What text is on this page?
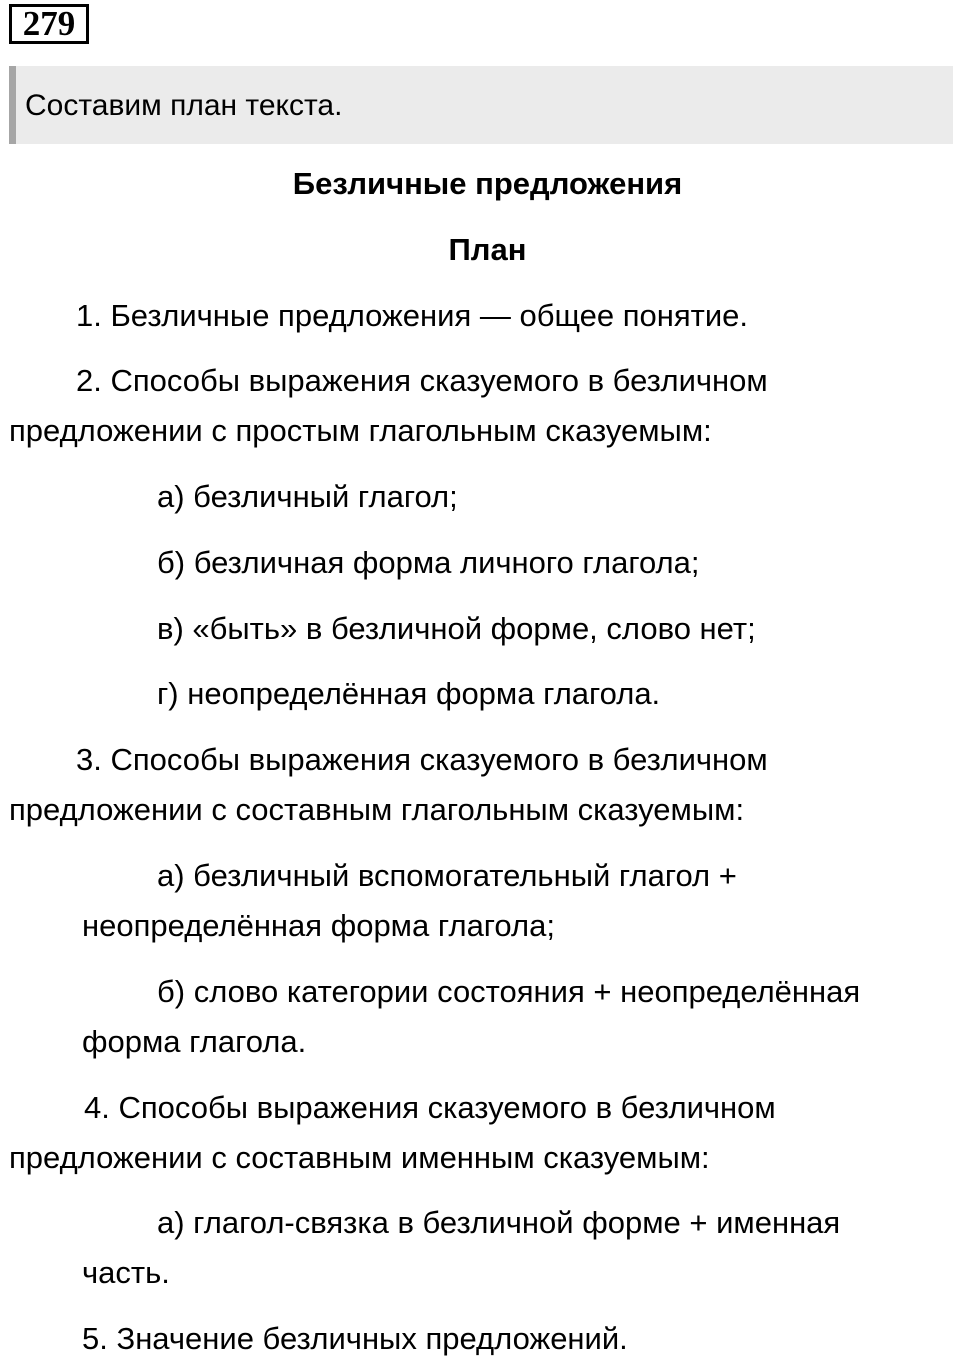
279
Составим план текста.
Безличные предложения
План
1. Безличные предложения — общее понятие.
2. Способы выражения сказуемого в безличном
предложении с простым глагольным сказуемым:
а) безличный глагол;
б) безличная форма личного глагола;
в) «быть» в безличной форме, слово нет;
г) неопределённая форма глагола.
3. Способы выражения сказуемого в безличном
предложении с составным глагольным сказуемым:
а) безличный вспомогательный глагол +
неопределённая форма глагола;
б) слово категории состояния + неопределённая
форма глагола.
4. Способы выражения сказуемого в безличном
предложении с составным именным сказуемым:
а) глагол-связка в безличной форме + именная
часть.
5. Значение безличных предложений.
